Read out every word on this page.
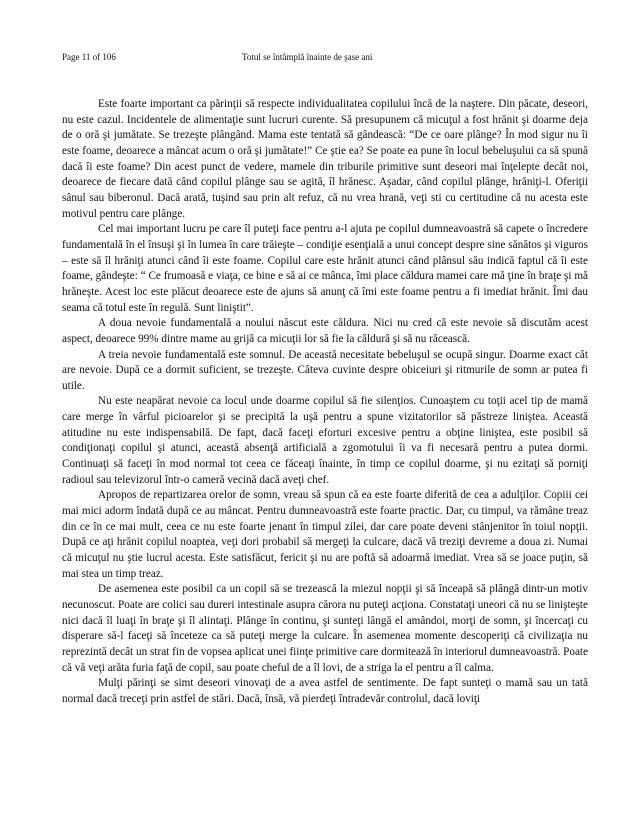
Page 11 of 106	Totul se întâmplă înainte de şase ani

Este foarte important ca părinţii să respecte individualitatea copilului încă de la naştere. Din păcate, deseori, nu este cazul. Incidentele de alimentaţie sunt lucruri curente. Să presupunem că micuţul a fost hrănit şi doarme deja de o oră şi jumătate. Se trezeşte plângând. Mama este tentată să gândească: “De ce oare plânge? În mod sigur nu îi este foame, deoarece a mâncat acum o oră şi jumătate!” Ce ştie ea? Se poate ea pune în locul bebeluşului ca să spună dacă îi este foame? Din acest punct de vedere, mamele din triburile primitive sunt deseori mai înţelepte decât noi, deoarece de fiecare dată când copilul plânge sau se agită, îl hrănesc. Aşadar, când copilul plânge, hrăniţi-l. Oferiţii sânul sau biberonul. Dacă arată, tuşind sau prin alt refuz, că nu vrea hrană, veţi sti cu certitudine că nu acesta este motivul pentru care plânge.

Cel mai important lucru pe care îl puteţi face pentru a-l ajuta pe copilul dumneavoastră să capete o încredere fundamentală în el însuşi şi în lumea în care trăieşte – condiţie esenţială a unui concept despre sine sănătos şi viguros – este să îl hrăniţi atunci când îi este foame. Copilul care este hrănit atunci când plânsul său indică faptul că îi este foame, gândeşte: “ Ce frumoasă e viaţa, ce bine e să ai ce mânca, îmi place căldura mamei care mă ţine în braţe şi mă hrăneşte. Acest loc este plăcut deoarece este de ajuns să anunţ că îmi este foame pentru a fi imediat hrănit. Îmi dau seama că totul este în regulă. Sunt liniştit”.

A doua nevoie fundamentală a noului născut este căldura. Nici nu cred că este nevoie să discutăm acest aspect, deoarece 99% dintre mame au grijă ca micuţii lor să fie la căldură şi să nu răcească.

A treia nevoie fundamentală este somnul. De această necesitate bebeluşul se ocupă singur. Doarme exact cât are nevoie. După ce a dormit suficient, se trezeşte. Câteva cuvinte despre obiceiuri şi ritmurile de somn ar putea fi utile.

Nu este neapărat nevoie ca locul unde doarme copilul să fie silenţios. Cunoaştem cu toţii acel tip de mamă care merge în vârful picioarelor şi se precipită la uşă pentru a spune vizitatorilor să păstreze liniştea. Această atitudine nu este indispensabilă. De fapt, dacă faceţi eforturi excesive pentru a obţine liniştea, este posibil să condiţionaţi copilul şi atunci, această absenţă artificială a zgomotului îi va fi necesară pentru a putea dormi. Continuaţi să faceţi în mod normal tot ceea ce făceaţi înainte, în timp ce copilul doarme, şi nu ezitaţi să porniţi radioul sau televizorul într-o cameră vecină dacă aveţi chef.

Apropos de repartizarea orelor de somn, vreau să spun că ea este foarte diferită de cea a adulţilor. Copiii cei mai mici adorm îndată după ce au mâncat. Pentru dumneavoastră este foarte practic. Dar, cu timpul, va rămâne treaz din ce în ce mai mult, ceea ce nu este foarte jenant în timpul zilei, dar care poate deveni stânjenitor în toiul nopţii. După ce aţi hrănit copilul noaptea, veţi dori probabil să mergeţi la culcare, dacă vă treziţi devreme a doua zi. Numai că micuţul nu ştie lucrul acesta. Este satisfăcut, fericit şi nu are poftă să adoarmă imediat. Vrea să se joace puţin, să mai stea un timp treaz.

De asemenea este posibil ca un copil să se trezească la miezul nopţii şi să înceapă să plângă dintr-un motiv necunoscut. Poate are colici sau dureri intestinale asupra cărora nu puteţi acţiona. Constataţi uneori că nu se linişteşte nici dacă îl luaţi în braţe şi îl alintaţi. Plânge în continu, şi sunteţi lângă el amândoi, morţi de somn, şi încercaţi cu disperare să-l faceţi să înceteze ca să puteţi merge la culcare. În asemenea momente descoperiţi că civilizaţia nu reprezintă decât un strat fin de vopsea aplicat unei fiinţe primitive care dormitează în interiorul dumneavoastră. Poate că vă veţi arăta furia faţă de copil, sau poate cheful de a îl lovi, de a striga la el pentru a îl calma.

Mulţi părinţi se simt deseori vinovaţi de a avea astfel de sentimente. De fapt sunteţi o mamă sau un tată normal dacă treceţi prin astfel de stări. Dacă, însă, vă pierdeţi întradevăr controlul, dacă loviţi
